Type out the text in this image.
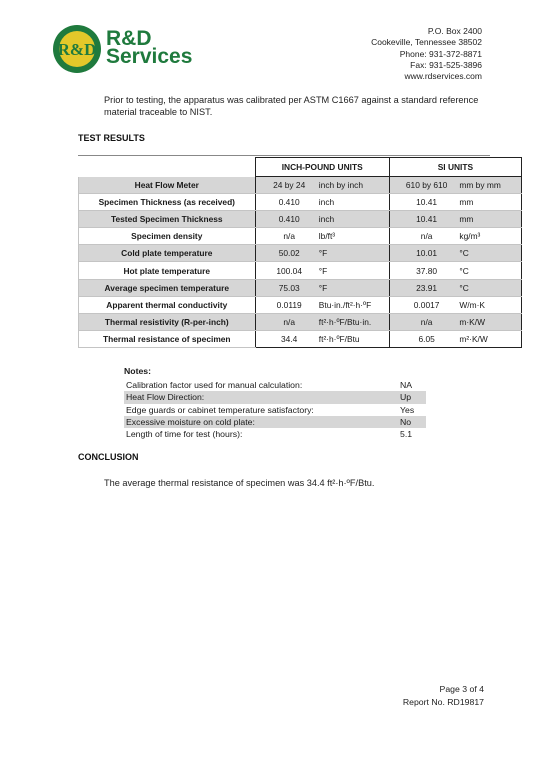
R&D R&D
Services
P.O. Box 2400
Cookeville, Tennessee 38502
Phone: 931-372-8871
Fax: 931-525-3896
www.rdservices.com
Prior to testing, the apparatus was calibrated per ASTM C1667 against a standard reference material traceable to NIST.
TEST RESULTS
	INCH-POUND UNITS		SI UNITS	
Heat Flow Meter	24 by 24	inch by inch	610 by 610	mm by mm
Specimen Thickness (as received)	0.410	inch	10.41	mm
Tested Specimen Thickness	0.410	inch	10.41	mm
Specimen density	n/a	lb/ft³	n/a	kg/m³
Cold plate temperature	50.02	°F	10.01	°C
Hot plate temperature	100.04	°F	37.80	°C
Average specimen temperature	75.03	°F	23.91	°C
Apparent thermal conductivity	0.0119	Btu·in./ft²·h·ºF	0.0017	W/m·K
Thermal resistivity (R-per-inch)	n/a	ft²·h·ºF/Btu·in.	n/a	m·K/W
Thermal resistance of specimen	34.4	ft²·h·ºF/Btu	6.05	m²·K/W
Notes:
Calibration factor used for manual calculation:	NA
Heat Flow Direction:	Up
Edge guards or cabinet temperature satisfactory:	Yes
Excessive moisture on cold plate:	No
Length of time for test (hours):	5.1
CONCLUSION
The average thermal resistance of specimen was 34.4 ft²·h·ºF/Btu.
Page 3 of 4
Report No. RD19817
